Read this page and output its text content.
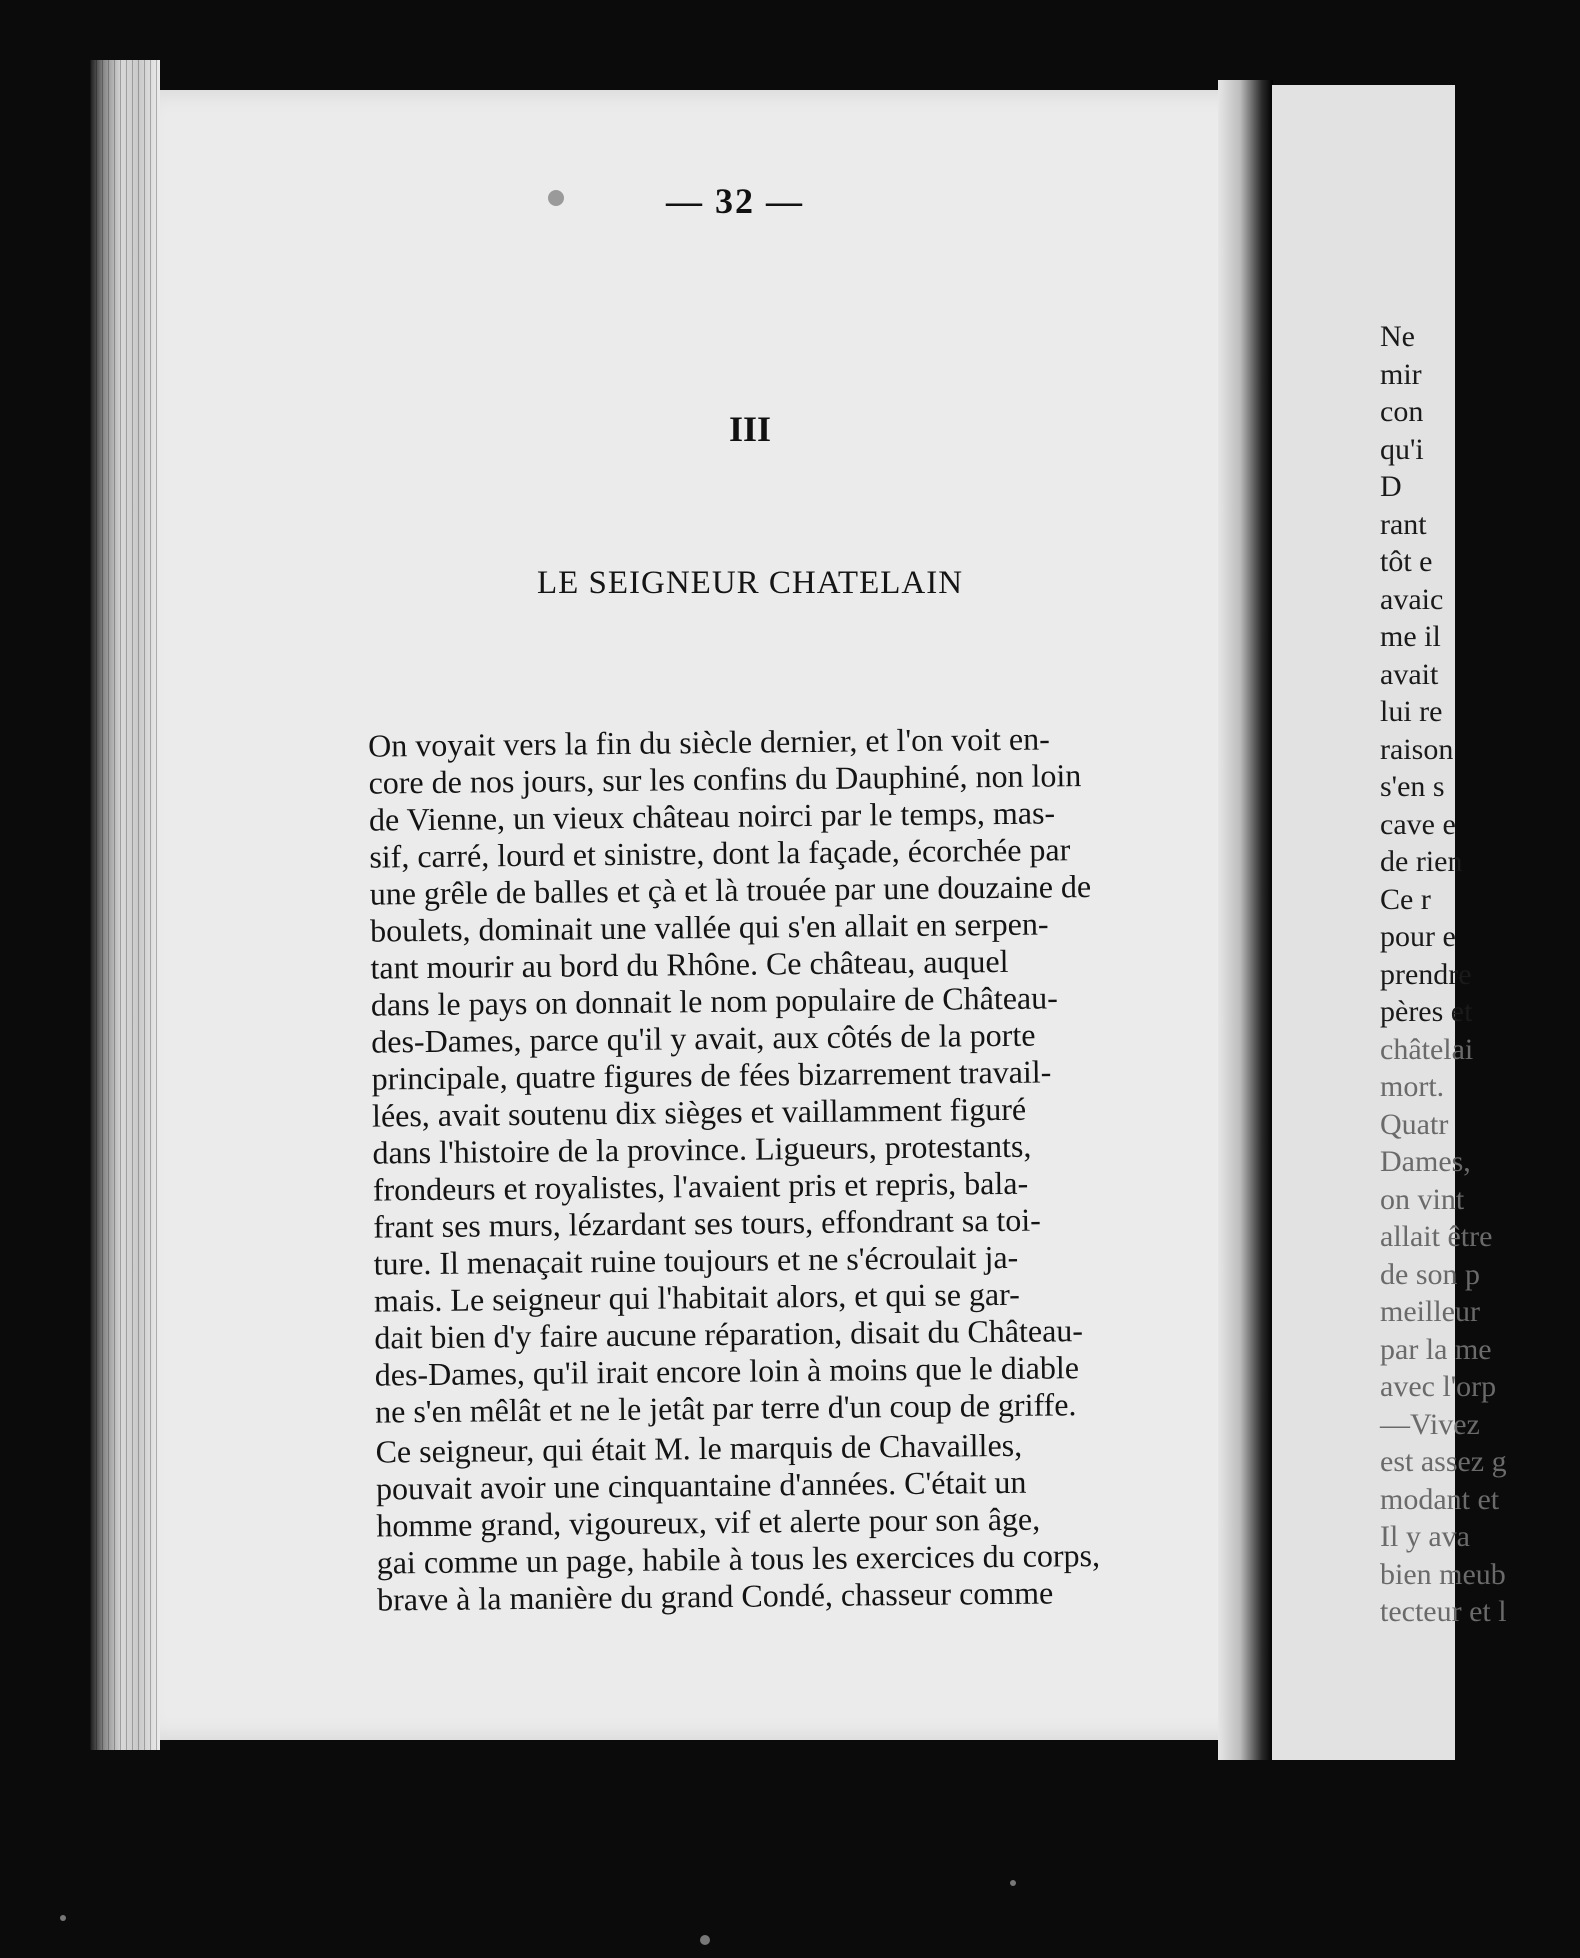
— 32 —
III
LE SEIGNEUR CHATELAIN

On voyait vers la fin du siècle dernier, et l'on voit en-
core de nos jours, sur les confins du Dauphiné, non loin
de Vienne, un vieux château noirci par le temps, mas-
sif, carré, lourd et sinistre, dont la façade, écorchée par
une grêle de balles et çà et là trouée par une douzaine de
boulets, dominait une vallée qui s'en allait en serpen-
tant mourir au bord du Rhône. Ce château, auquel
dans le pays on donnait le nom populaire de Château-
des-Dames, parce qu'il y avait, aux côtés de la porte
principale, quatre figures de fées bizarrement travail-
lées, avait soutenu dix sièges et vaillamment figuré
dans l'histoire de la province. Ligueurs, protestants,
frondeurs et royalistes, l'avaient pris et repris, bala-
frant ses murs, lézardant ses tours, effondrant sa toi-
ture. Il menaçait ruine toujours et ne s'écroulait ja-
mais. Le seigneur qui l'habitait alors, et qui se gar-
dait bien d'y faire aucune réparation, disait du Château-
des-Dames, qu'il irait encore loin à moins que le diable
ne s'en mêlât et ne le jetât par terre d'un coup de griffe.

Ce seigneur, qui était M. le marquis de Chavailles,
pouvait avoir une cinquantaine d'années. C'était un
homme grand, vigoureux, vif et alerte pour son âge,
gai comme un page, habile à tous les exercices du corps,
brave à la manière du grand Condé, chasseur comme

Ne
mir
con
qu'i
D
rant
tôt e
avaic
me il
avait
lui re
raison
s'en s
cave e
de rien
Ce r
pour e
prendre
pères et
châtelai
mort.
Quatr
Dames,
on vint
allait être
de son p
meilleur
par la me
avec l'orp
—Vivez
est assez g
modant et
Il y ava
bien meub
tecteur et l
